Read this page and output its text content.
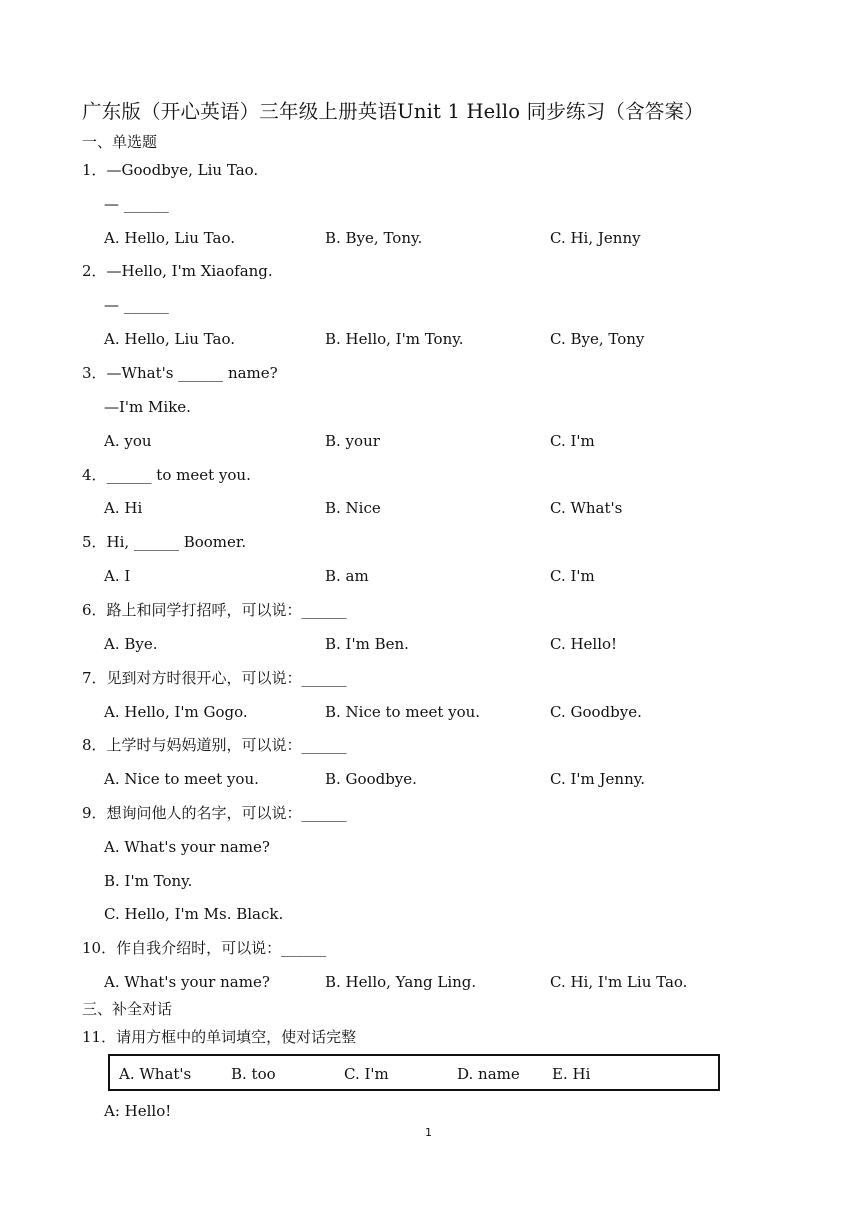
广东版（开心英语）三年级上册英语Unit 1 Hello 同步练习（含答案）
一、单选题
1．—Goodbye, Liu Tao.
— ______
A. Hello, Liu Tao.	B. Bye, Tony.	C. Hi, Jenny
2．—Hello, I'm Xiaofang.
— ______
A. Hello, Liu Tao.	B. Hello, I'm Tony.	C. Bye, Tony
3．—What's ______ name?
—I'm Mike.
A. you	B. your	C. I'm
4．______ to meet you.
A. Hi	B. Nice	C. What's
5．Hi, ______ Boomer.
A. I	B. am	C. I'm
6．路上和同学打招呼，可以说：______
A. Bye.	B. I'm Ben.	C. Hello!
7．见到对方时很开心，可以说：______
A. Hello, I'm Gogo.	B. Nice to meet you.	C. Goodbye.
8．上学时与妈妈道别，可以说：______
A. Nice to meet you.	B. Goodbye.	C. I'm Jenny.
9．想询问他人的名字，可以说：______
A. What's your name?
B. I'm Tony.
C. Hello, I'm Ms. Black.
10．作自我介绍时，可以说：______
A. What's your name?	B. Hello, Yang Ling.	C. Hi, I'm Liu Tao.
三、补全对话
11．请用方框中的单词填空，使对话完整
A. What's	B. too	C. I'm	D. name E. Hi
A: Hello!
1
